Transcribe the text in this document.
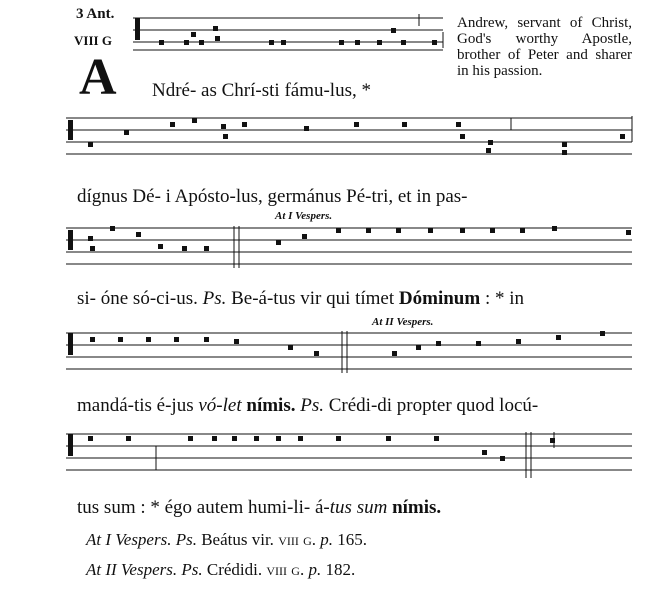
3 Ant.
VIII G
A
Andrew, servant of Christ, God's worthy Apostle, brother of Peter and sharer in his passion.
Ndré- as Chrí-sti fámu-lus, *
dígnus Dé- i Apósto-lus, germánus Pé-tri, et in pas-
At I Vespers.
si- óne só-ci-us. Ps. Be-á-tus vir qui tímet Dóminum : * in
At II Vespers.
mandá-tis é-jus vó-let nímis. Ps. Crédi-di propter quod locú-
tus sum : * égo autem humi-li- á-tus sum nímis.
At I Vespers. Ps. Beátus vir. viii g. p. 165.
At II Vespers. Ps. Crédidi. viii g. p. 182.
